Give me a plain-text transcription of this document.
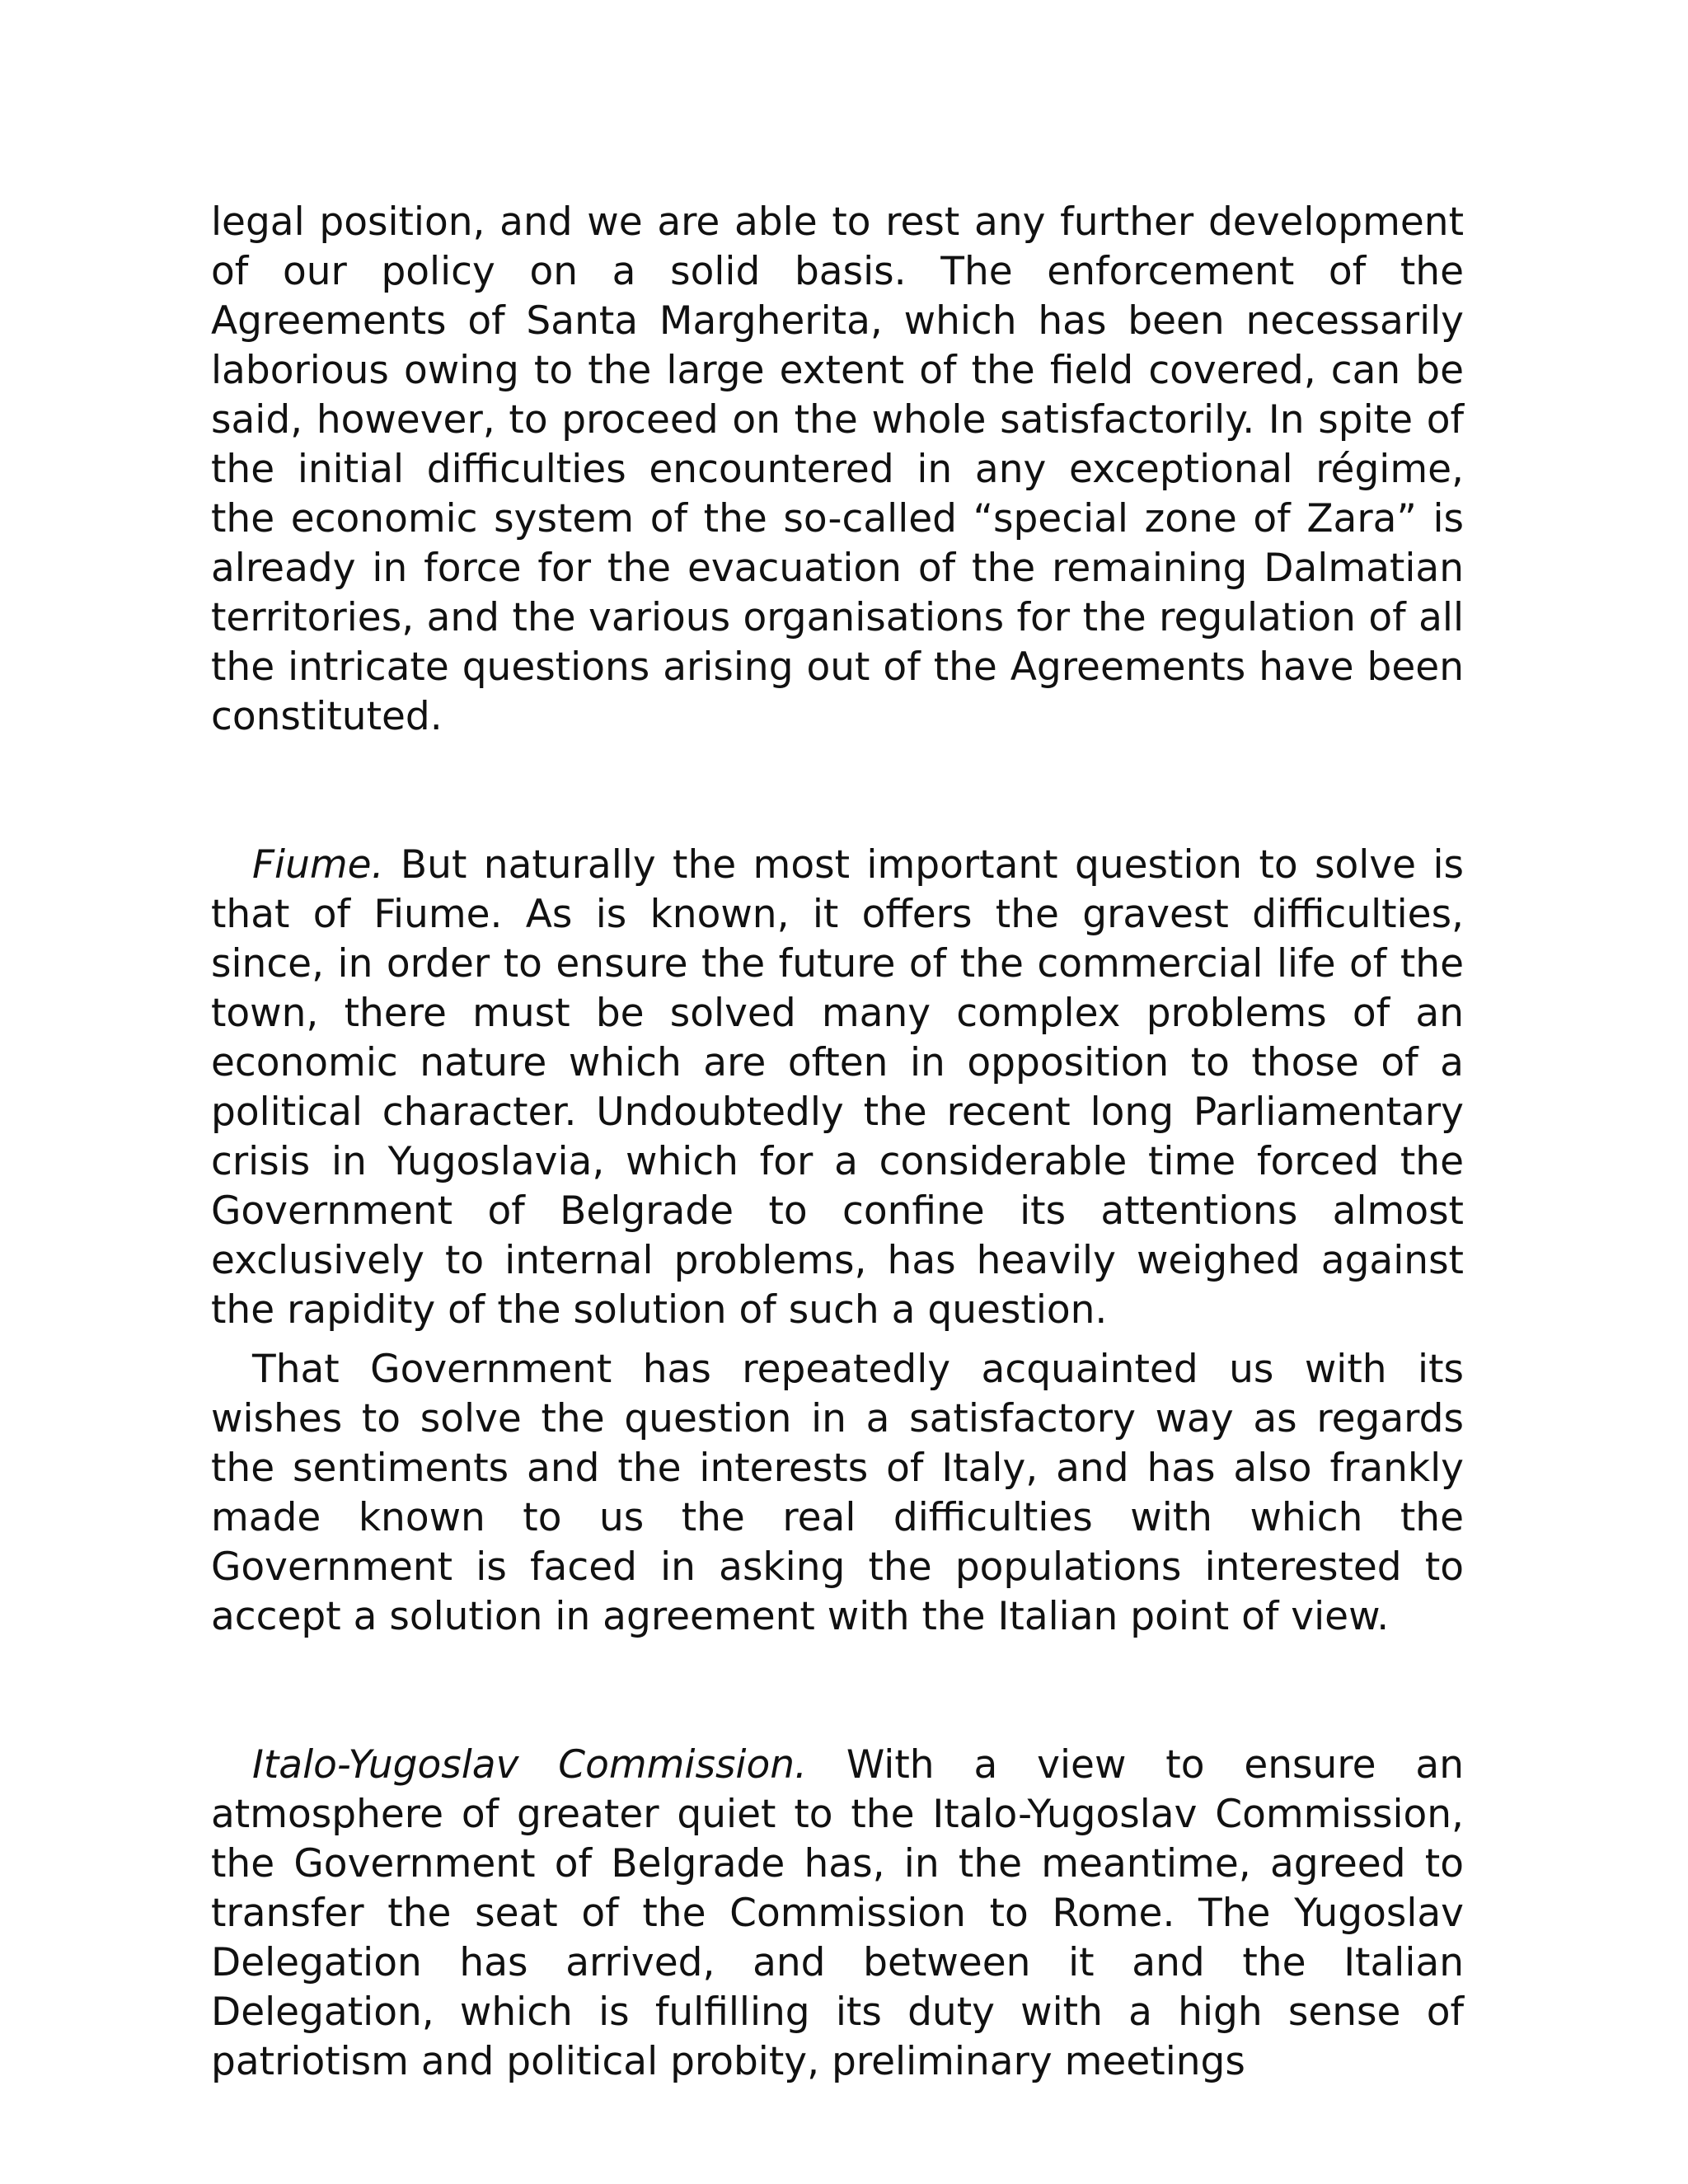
legal position, and we are able to rest any further development of our policy on a solid basis. The enforcement of the Agreements of Santa Margherita, which has been necessarily laborious owing to the large extent of the field covered, can be said, however, to proceed on the whole satisfactorily. In spite of the initial difficulties encountered in any exceptional régime, the economic system of the so-called “special zone of Zara” is already in force for the evacuation of the remaining Dalmatian territories, and the various organisations for the regulation of all the intricate questions arising out of the Agreements have been constituted.

Fiume. But naturally the most important question to solve is that of Fiume. As is known, it offers the gravest difficulties, since, in order to ensure the future of the commercial life of the town, there must be solved many complex problems of an economic nature which are often in opposition to those of a political character. Undoubtedly the recent long Parliamentary crisis in Yugoslavia, which for a considerable time forced the Government of Belgrade to confine its attentions almost exclusively to internal problems, has heavily weighed against the rapidity of the solution of such a question.

That Government has repeatedly acquainted us with its wishes to solve the question in a satisfactory way as regards the sentiments and the interests of Italy, and has also frankly made known to us the real difficulties with which the Government is faced in asking the populations interested to accept a solution in agreement with the Italian point of view.

Italo-Yugoslav Commission. With a view to ensure an atmosphere of greater quiet to the Italo-Yugoslav Commission, the Government of Belgrade has, in the meantime, agreed to transfer the seat of the Commission to Rome. The Yugoslav Delegation has arrived, and between it and the Italian Delegation, which is fulfilling its duty with a high sense of patriotism and political probity, preliminary meetings
